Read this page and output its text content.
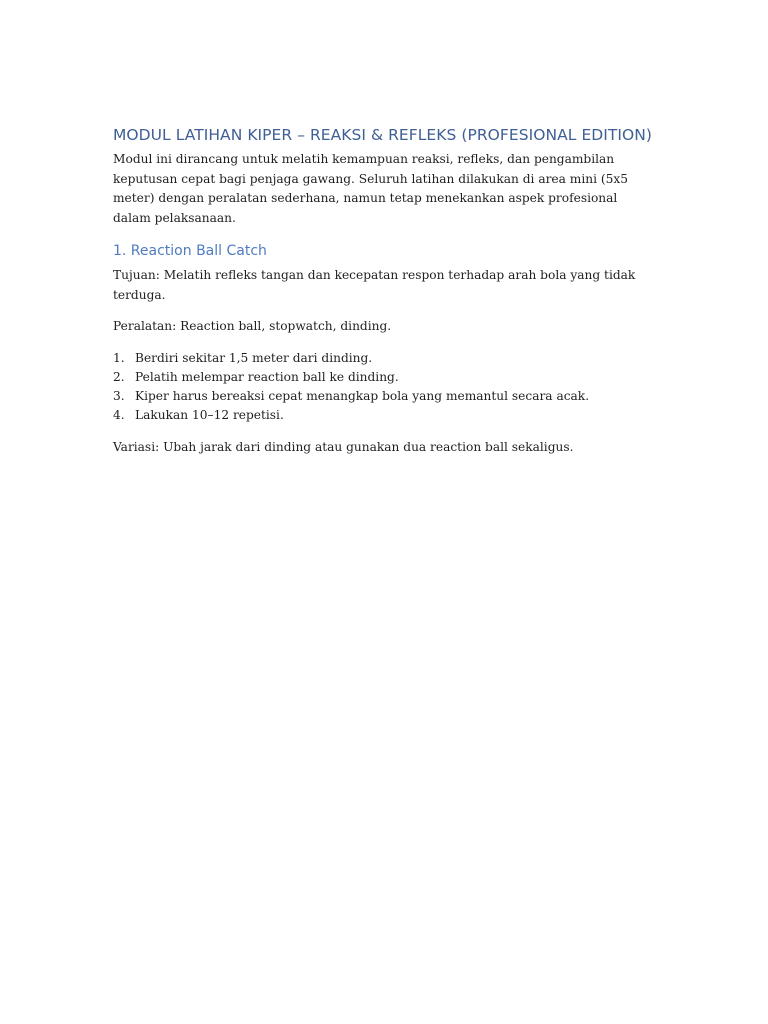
MODUL LATIHAN KIPER – REAKSI & REFLEKS (PROFESIONAL EDITION)

Modul ini dirancang untuk melatih kemampuan reaksi, refleks, dan pengambilan keputusan cepat bagi penjaga gawang. Seluruh latihan dilakukan di area mini (5x5 meter) dengan peralatan sederhana, namun tetap menekankan aspek profesional dalam pelaksanaan.

1. Reaction Ball Catch

Tujuan: Melatih refleks tangan dan kecepatan respon terhadap arah bola yang tidak terduga.

Peralatan: Reaction ball, stopwatch, dinding.

1. Berdiri sekitar 1,5 meter dari dinding.
2. Pelatih melempar reaction ball ke dinding.
3. Kiper harus bereaksi cepat menangkap bola yang memantul secara acak.
4. Lakukan 10–12 repetisi.

Variasi: Ubah jarak dari dinding atau gunakan dua reaction ball sekaligus.
